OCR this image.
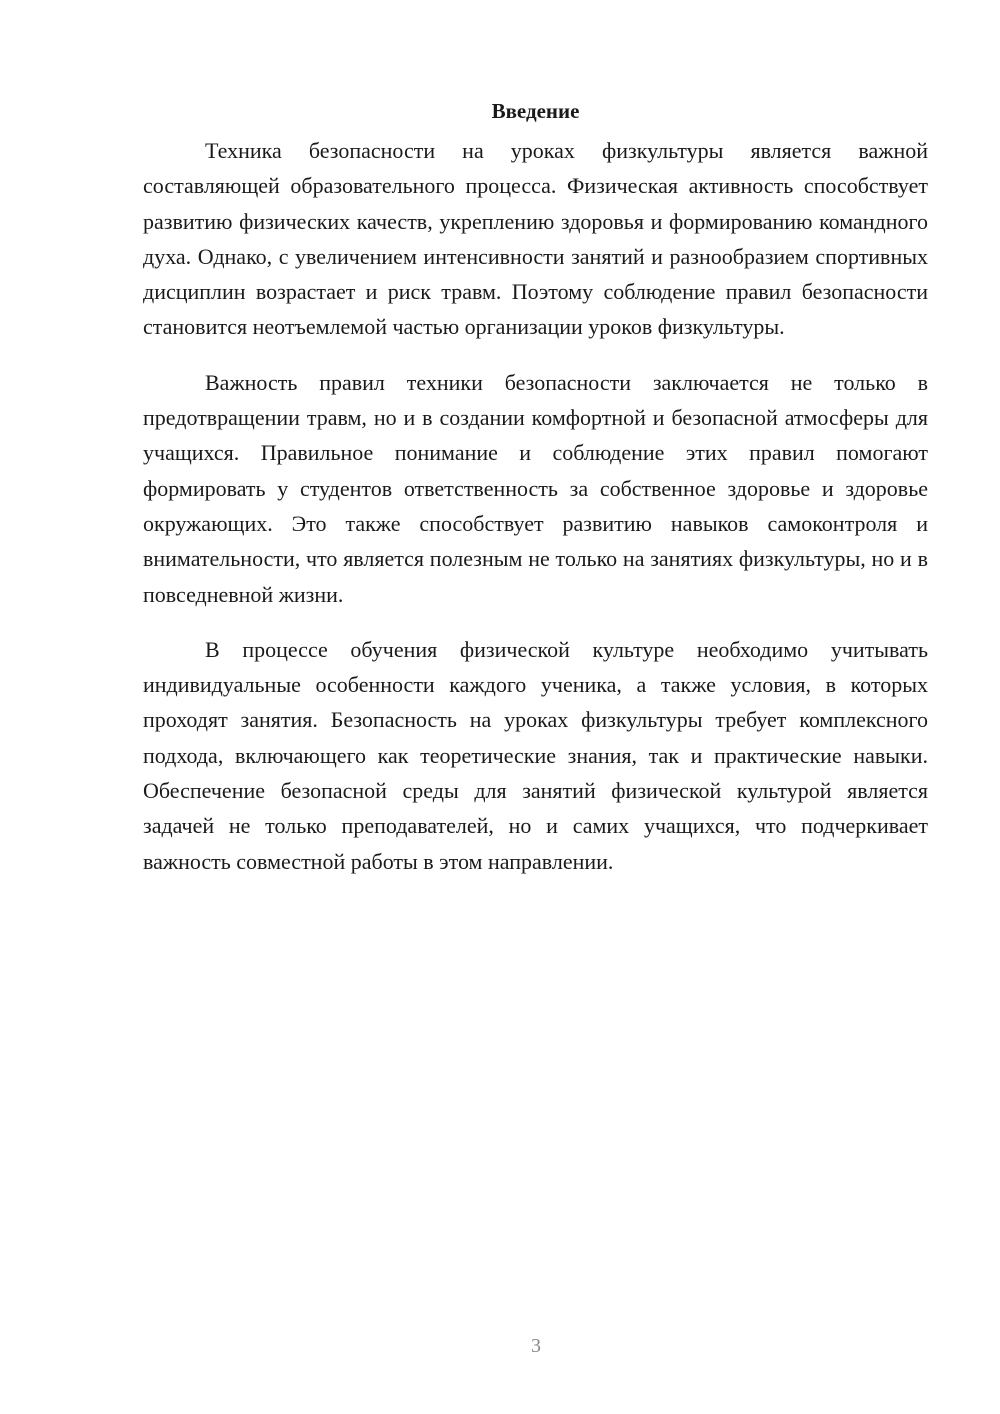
Введение

Техника безопасности на уроках физкультуры является важной составляющей образовательного процесса. Физическая активность способствует развитию физических качеств, укреплению здоровья и формированию командного духа. Однако, с увеличением интенсивности занятий и разнообразием спортивных дисциплин возрастает и риск травм. Поэтому соблюдение правил безопасности становится неотъемлемой частью организации уроков физкультуры.

Важность правил техники безопасности заключается не только в предотвращении травм, но и в создании комфортной и безопасной атмосферы для учащихся. Правильное понимание и соблюдение этих правил помогают формировать у студентов ответственность за собственное здоровье и здоровье окружающих. Это также способствует развитию навыков самоконтроля и внимательности, что является полезным не только на занятиях физкультуры, но и в повседневной жизни.

В процессе обучения физической культуре необходимо учитывать индивидуальные особенности каждого ученика, а также условия, в которых проходят занятия. Безопасность на уроках физкультуры требует комплексного подхода, включающего как теоретические знания, так и практические навыки. Обеспечение безопасной среды для занятий физической культурой является задачей не только преподавателей, но и самих учащихся, что подчеркивает важность совместной работы в этом направлении.

3
